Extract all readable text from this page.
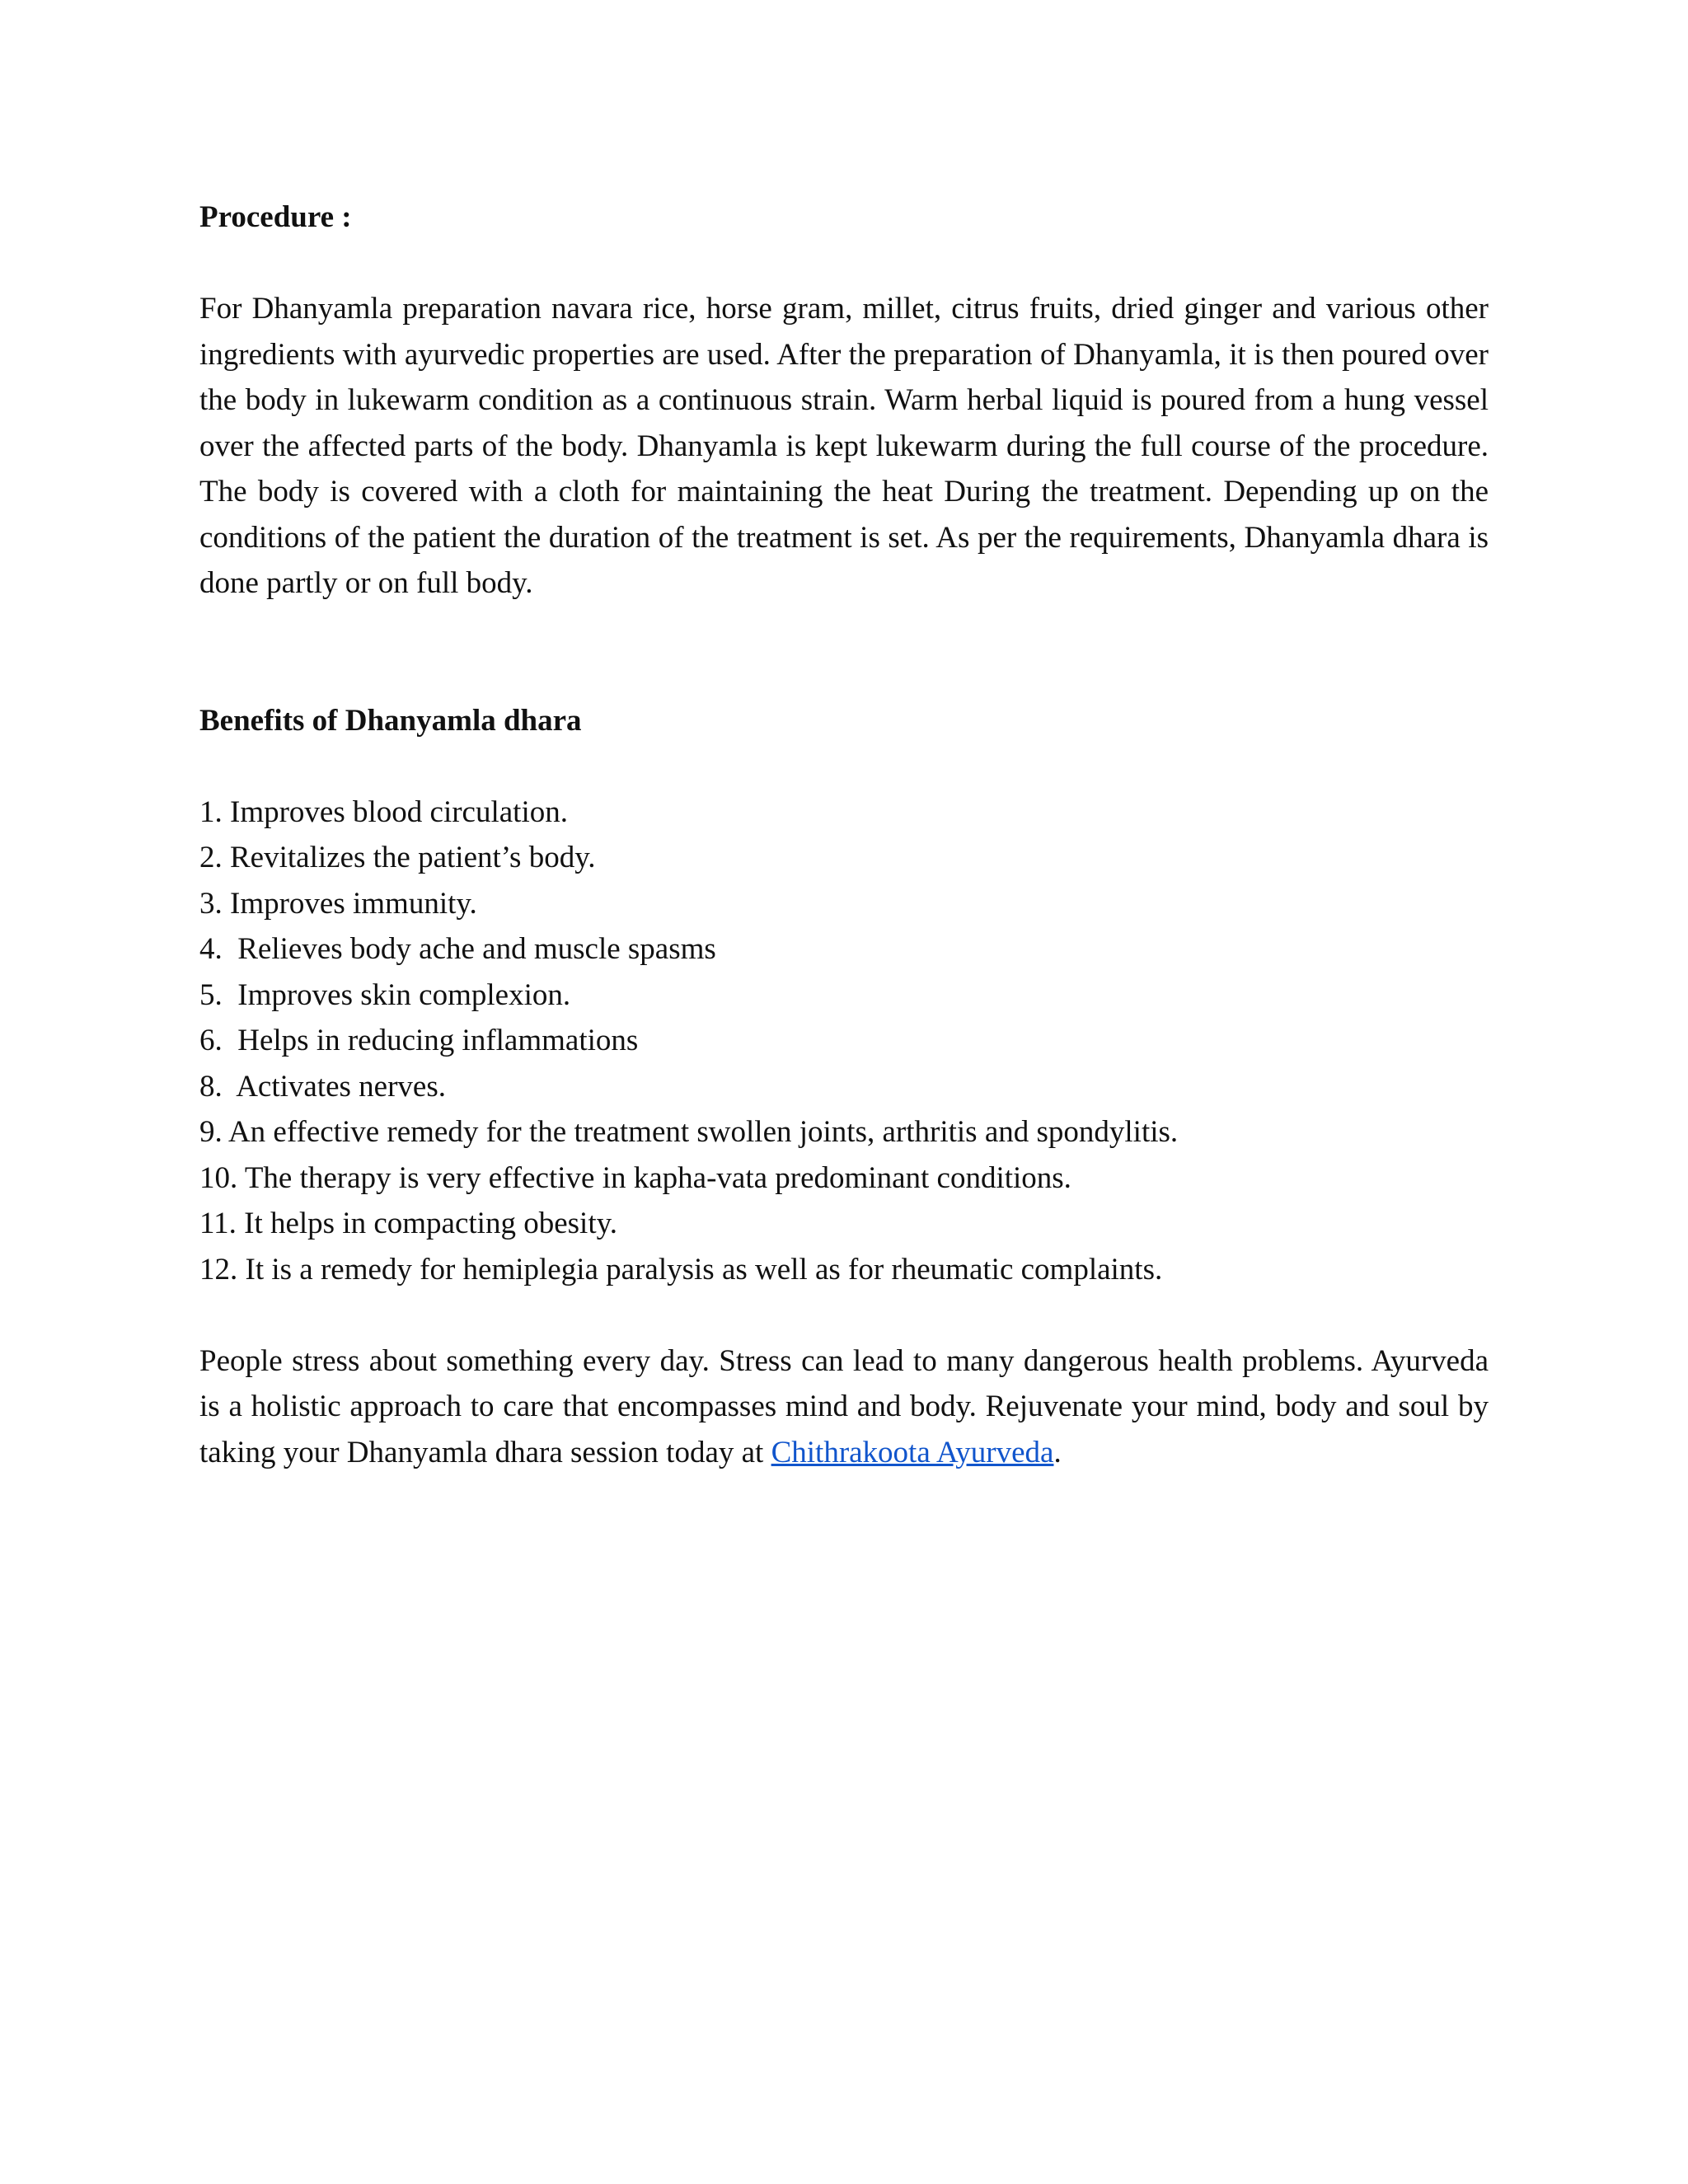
Procedure :

For Dhanyamla preparation navara rice, horse gram, millet, citrus fruits, dried ginger and various other ingredients with ayurvedic properties are used. After the preparation of Dhanyamla, it is then poured over the body in lukewarm condition as a continuous strain. Warm herbal liquid is poured from a hung vessel over the affected parts of the body. Dhanyamla is kept lukewarm during the full course of the procedure. The body is covered with a cloth for maintaining the heat During the treatment. Depending up on the conditions of the patient the duration of the treatment is set. As per the requirements, Dhanyamla dhara is done partly or on full body.

Benefits of Dhanyamla dhara

1. Improves blood circulation.
2. Revitalizes the patient’s body.
3. Improves immunity.
4.  Relieves body ache and muscle spasms
5.  Improves skin complexion.
6.  Helps in reducing inflammations
8.  Activates nerves.
9. An effective remedy for the treatment swollen joints, arthritis and spondylitis.
10. The therapy is very effective in kapha-vata predominant conditions.
11. It helps in compacting obesity.
12. It is a remedy for hemiplegia paralysis as well as for rheumatic complaints.

People stress about something every day. Stress can lead to many dangerous health problems. Ayurveda is a holistic approach to care that encompasses mind and body. Rejuvenate your mind, body and soul by taking your Dhanyamla dhara session today at Chithrakoota Ayurveda.
